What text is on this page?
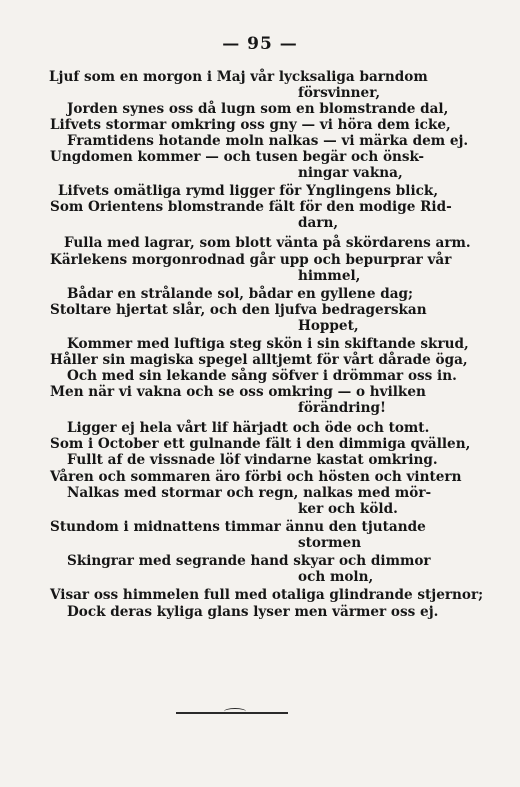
— 95 —
Ljuf som en morgon i Maj vår lycksaliga barndom
försvinner,
Jorden synes oss då lugn som en blomstrande dal,
Lifvets stormar omkring oss gny — vi höra dem icke,
Framtidens hotande moln nalkas — vi märka dem ej.
Ungdomen kommer — och tusen begär och önsk-
ningar vakna,
Lifvets omätliga rymd ligger för Ynglingens blick,
Som Orientens blomstrande fält för den modige Rid-
darn,
Fulla med lagrar, som blott vänta på skördarens arm.
Kärlekens morgonrodnad går upp och bepurprar vår
himmel,
Bådar en strålande sol, bådar en gyllene dag;
Stoltare hjertat slår, och den ljufva bedragerskan
Hoppet,
Kommer med luftiga steg skön i sin skiftande skrud,
Håller sin magiska spegel alltjemt för vårt dårade öga,
Och med sin lekande sång söfver i drömmar oss in.
Men när vi vakna och se oss omkring — o hvilken
förändring!
Ligger ej hela vårt lif härjadt och öde och tomt.
Som i October ett gulnande fält i den dimmiga qvällen,
Fullt af de vissnade löf vindarne kastat omkring.
Våren och sommaren äro förbi och hösten och vintern
Nalkas med stormar och regn, nalkas med mör-
ker och köld.
Stundom i midnattens timmar ännu den tjutande
stormen
Skingrar med segrande hand skyar och dimmor
och moln,
Visar oss himmelen full med otaliga glindrande stjernor;
Dock deras kyliga glans lyser men värmer oss ej.
